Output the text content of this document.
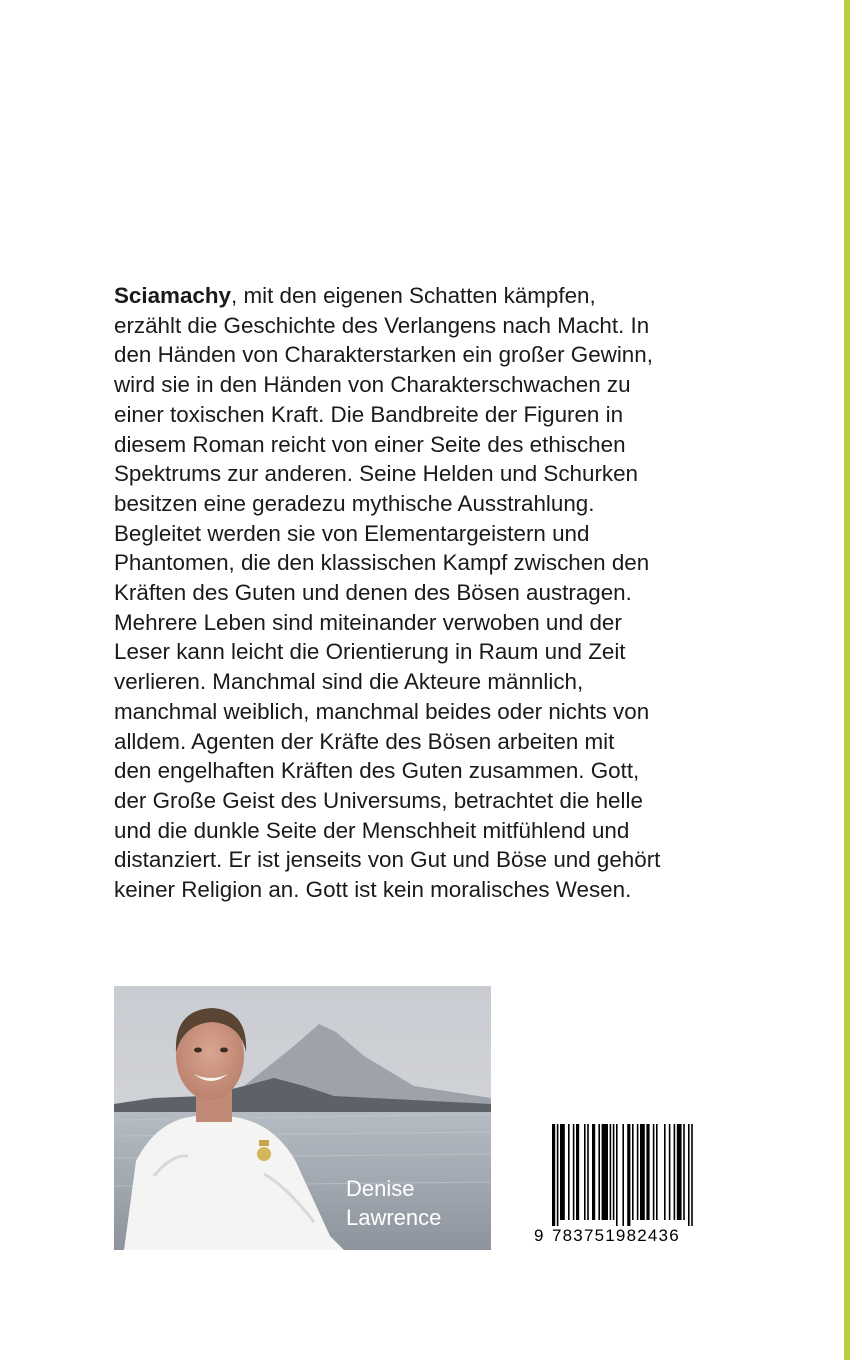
Sciamachy, mit den eigenen Schatten kämpfen,
erzählt die Geschichte des Verlangens nach Macht. In
den Händen von Charakterstarken ein großer Gewinn,
wird sie in den Händen von Charakterschwachen zu
einer toxischen Kraft. Die Bandbreite der Figuren in
diesem Roman reicht von einer Seite des ethischen
Spektrums zur anderen. Seine Helden und Schurken
besitzen eine geradezu mythische Ausstrahlung.
Begleitet werden sie von Elementargeistern und
Phantomen, die den klassischen Kampf zwischen den
Kräften des Guten und denen des Bösen austragen.
Mehrere Leben sind miteinander verwoben und der
Leser kann leicht die Orientierung in Raum und Zeit
verlieren. Manchmal sind die Akteure männlich,
manchmal weiblich, manchmal beides oder nichts von
alldem. Agenten der Kräfte des Bösen arbeiten mit
den engelhaften Kräften des Guten zusammen. Gott,
der Große Geist des Universums, betrachtet die helle
und die dunkle Seite der Menschheit mitfühlend und
distanziert. Er ist jenseits von Gut und Böse und gehört
keiner Religion an. Gott ist kein moralisches Wesen.

Denise
Lawrence
9 783751982436
